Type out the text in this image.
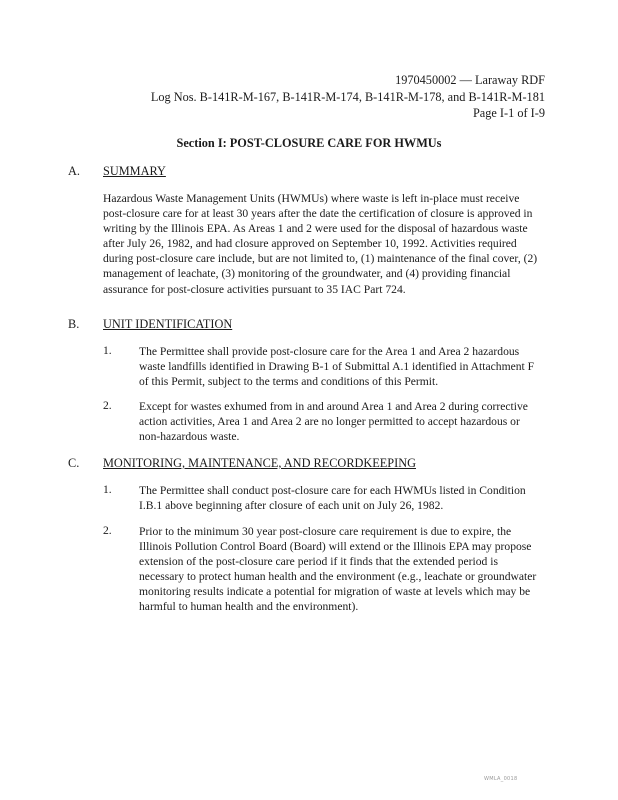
1970450002 — Laraway RDF
Log Nos. B-141R-M-167, B-141R-M-174, B-141R-M-178, and B-141R-M-181
Page I-1 of I-9
Section I: POST-CLOSURE CARE FOR HWMUs
A. SUMMARY

Hazardous Waste Management Units (HWMUs) where waste is left in-place must receive post-closure care for at least 30 years after the date the certification of closure is approved in writing by the Illinois EPA. As Areas 1 and 2 were used for the disposal of hazardous waste after July 26, 1982, and had closure approved on September 10, 1992. Activities required during post-closure care include, but are not limited to, (1) maintenance of the final cover, (2) management of leachate, (3) monitoring of the groundwater, and (4) providing financial assurance for post-closure activities pursuant to 35 IAC Part 724.

B. UNIT IDENTIFICATION
1. The Permittee shall provide post-closure care for the Area 1 and Area 2 hazardous waste landfills identified in Drawing B-1 of Submittal A.1 identified in Attachment F of this Permit, subject to the terms and conditions of this Permit.

2. Except for wastes exhumed from in and around Area 1 and Area 2 during corrective action activities, Area 1 and Area 2 are no longer permitted to accept hazardous or non-hazardous waste.

C. MONITORING, MAINTENANCE, AND RECORDKEEPING
1. The Permittee shall conduct post-closure care for each HWMUs listed in Condition I.B.1 above beginning after closure of each unit on July 26, 1982.

2. Prior to the minimum 30 year post-closure care requirement is due to expire, the Illinois Pollution Control Board (Board) will extend or the Illinois EPA may propose extension of the post-closure care period if it finds that the extended period is necessary to protect human health and the environment (e.g., leachate or groundwater monitoring results indicate a potential for migration of waste at levels which may be harmful to human health and the environment).

WMLA_0018
